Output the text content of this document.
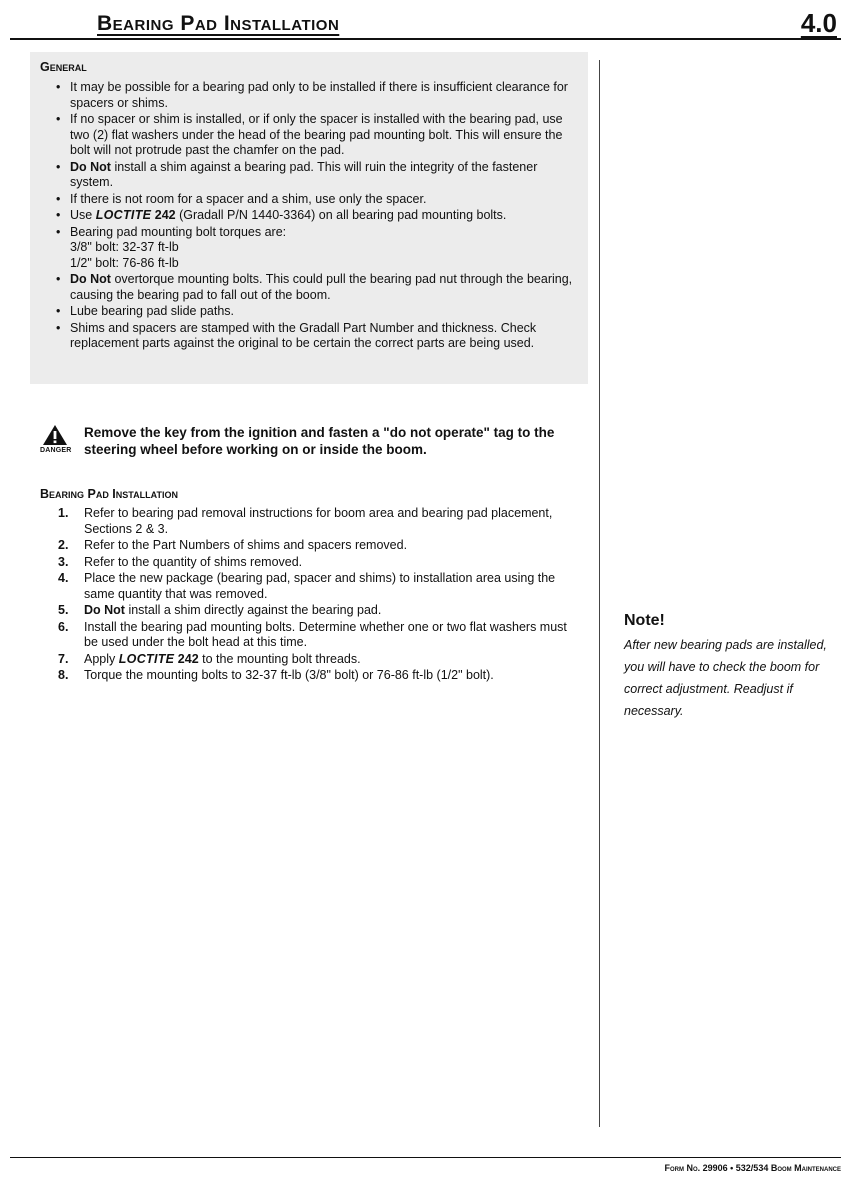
Bearing Pad Installation	4.0
General
• It may be possible for a bearing pad only to be installed if there is insufficient clearance for spacers or shims.
• If no spacer or shim is installed, or if only the spacer is installed with the bearing pad, use two (2) flat washers under the head of the bearing pad mounting bolt. This will ensure the bolt will not protrude past the chamfer on the pad.
• Do Not install a shim against a bearing pad. This will ruin the integrity of the fastener system.
• If there is not room for a spacer and a shim, use only the spacer.
• Use LOCTITE 242 (Gradall P/N 1440-3364) on all bearing pad mounting bolts.
• Bearing pad mounting bolt torques are:
3/8" bolt: 32-37 ft-lb
1/2" bolt: 76-86 ft-lb
• Do Not overtorque mounting bolts. This could pull the bearing pad nut through the bearing, causing the bearing pad to fall out of the boom.
• Lube bearing pad slide paths.
• Shims and spacers are stamped with the Gradall Part Number and thickness. Check replacement parts against the original to be certain the correct parts are being used.
DANGER
Remove the key from the ignition and fasten a "do not operate" tag to the steering wheel before working on or inside the boom.
Bearing Pad Installation
1. Refer to bearing pad removal instructions for boom area and bearing pad placement, Sections 2 & 3.
2. Refer to the Part Numbers of shims and spacers removed.
3. Refer to the quantity of shims removed.
4. Place the new package (bearing pad, spacer and shims) to installation area using the same quantity that was removed.
5. Do Not install a shim directly against the bearing pad.
6. Install the bearing pad mounting bolts. Determine whether one or two flat washers must be used under the bolt head at this time.
7. Apply LOCTITE 242 to the mounting bolt threads.
8. Torque the mounting bolts to 32-37 ft-lb (3/8" bolt) or 76-86 ft-lb (1/2" bolt).
Note!
After new bearing pads are installed, you will have to check the boom for correct adjustment. Readjust if necessary.
Form No. 29906 • 532/534 Boom Maintenance
